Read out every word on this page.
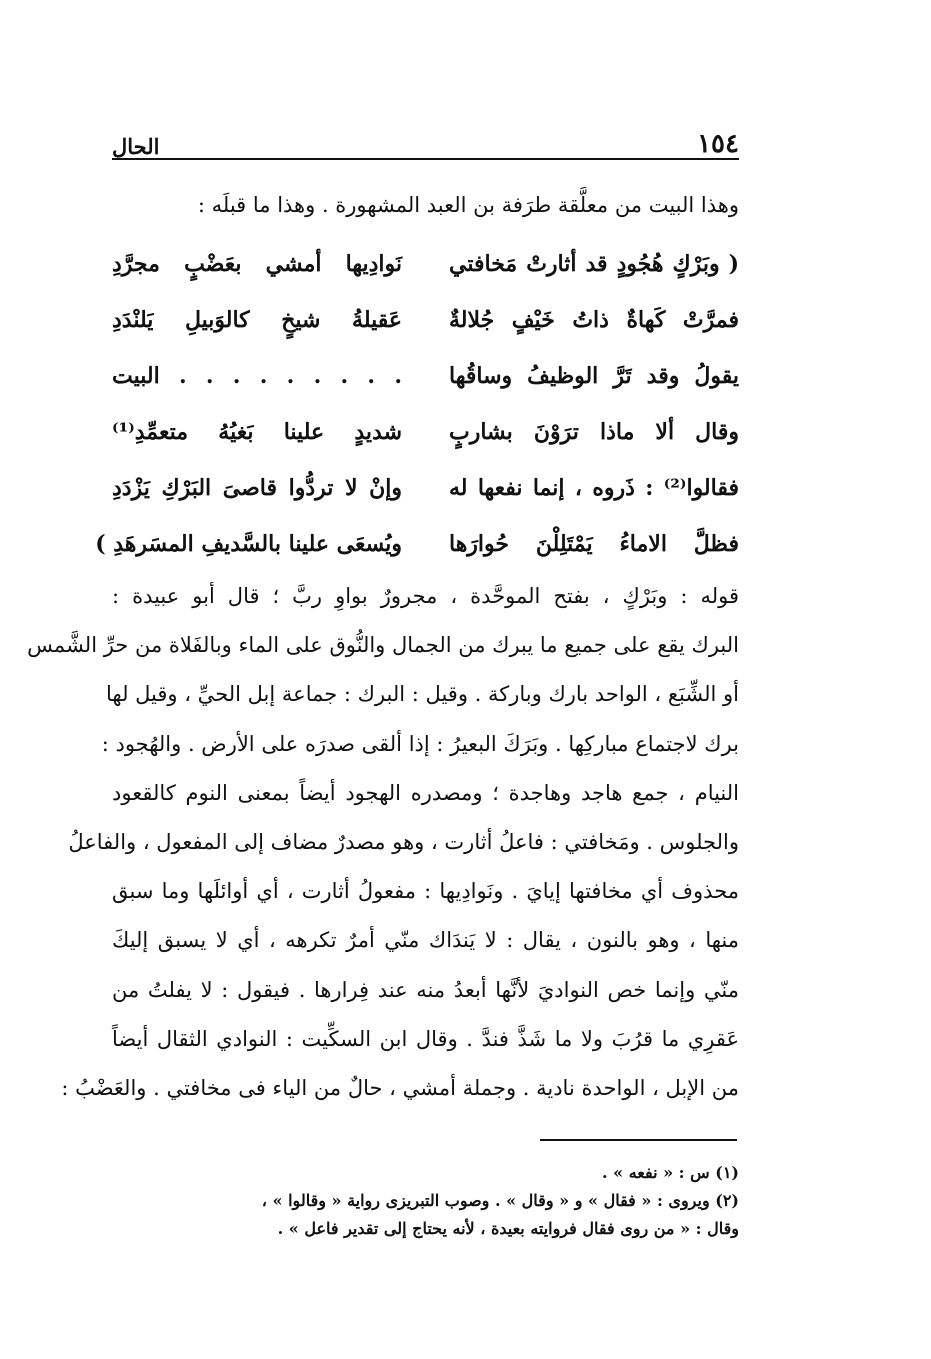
١٥٤
الحال
وهذا البيت من معلَّقة طرَفة بن العبد المشهورة . وهذا ما قبلَه :
( وبَرْكٍ هُجُودٍ قد أثارتْ مَخافتي
نَوادِيها أمشي بعَضْبٍ مجرَّدِ
فمرَّتْ كَهاةٌ ذاتُ خَيْفٍ جُلالةٌ
عَقيلةُ شيخٍ كالوَبيلِ يَلنْدَدِ
يقولُ وقد تَرَّ الوظيفُ وساقُها
. . . . . . . . . البيت
وقال ألا ماذا ترَوْنَ بشاربٍ
شديدٍ علينا بَغيُهُ متعمِّدِ⁽¹⁾
فقالوا⁽²⁾ : ذَروه ، إنما نفعها له
وإنْ لا تردُّوا قاصىَ البَرْكِ يَزْدَدِ
فظلَّ الاماءُ يَمْتَلِلْنَ حُوارَها
ويُسعَى علينا بالسَّديفِ المسَرهَدِ )
قوله : وبَرْكٍ ، بفتح الموحَّدة ، مجرورٌ بواوِ ربَّ ؛ قال أبو عبيدة :
البرك يقع على جميع ما يبرك من الجمال والنُّوق على الماء وبالفَلاة من حرِّ الشَّمس
أو الشِّبَع ، الواحد بارك وباركة . وقيل : البرك : جماعة إبل الحيِّ ، وقيل لها
برك لاجتماع مباركِها . وبَرَكَ البعيرُ : إذا ألقى صدرَه على الأرض . والهُجود :
النيام ، جمع هاجد وهاجدة ؛ ومصدره الهجود أيضاً بمعنى النوم كالقعود
والجلوس . ومَخافتي : فاعلُ أثارت ، وهو مصدرٌ مضاف إلى المفعول ، والفاعلُ
محذوف أي مخافتها إيايَ . ونَوادِيها : مفعولُ أثارت ، أي أوائلَها وما سبق
منها ، وهو بالنون ، يقال : لا يَندَاك منّي أمرٌ تكرهه ، أي لا يسبق إليكَ
منّي وإنما خص النواديَ لأنَّها أبعدُ منه عند فِرارها . فيقول : لا يفلتُ من
عَقرِي ما قرُبَ ولا ما شَذَّ فندَّ . وقال ابن السكِّيت : النوادي الثقال أيضاً
من الإبل ، الواحدة نادية . وجملة أمشي ، حالٌ من الياء فى مخافتي . والعَضْبُ :
(١) س : « نفعه » .
(٢) ويروى : « فقال » و « وقال » . وصوب التبريزى رواية « وقالوا » ،
وقال : « من روى فقال فروايته بعيدة ، لأنه يحتاج إلى تقدير فاعل » .
